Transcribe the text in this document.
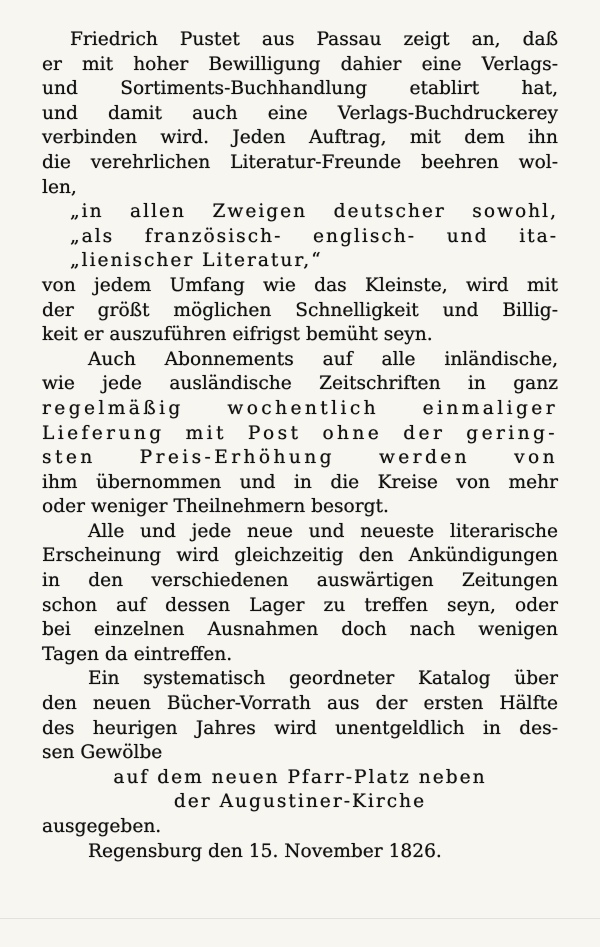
Friedrich Pustet aus Passau zeigt an, daß
er mit hoher Bewilligung dahier eine Verlags-
und Sortiments-Buchhandlung etablirt hat,
und damit auch eine Verlags-Buchdruckerey
verbinden wird. Jeden Auftrag, mit dem ihn
die verehrlichen Literatur-Freunde beehren wol-
len,
„in allen Zweigen deutscher sowohl,
„als französisch- englisch- und ita-
„lienischer Literatur,“
von jedem Umfang wie das Kleinste, wird mit
der größt möglichen Schnelligkeit und Billig-
keit er auszuführen eifrigst bemüht seyn.
Auch Abonnements auf alle inländische,
wie jede ausländische Zeitschriften in ganz
regelmäßig wochentlich einmaliger
Lieferung mit Post ohne der gering-
sten Preis-Erhöhung werden von
ihm übernommen und in die Kreise von mehr
oder weniger Theilnehmern besorgt.
Alle und jede neue und neueste literarische
Erscheinung wird gleichzeitig den Ankündigungen
in den verschiedenen auswärtigen Zeitungen
schon auf dessen Lager zu treffen seyn, oder
bei einzelnen Ausnahmen doch nach wenigen
Tagen da eintreffen.
Ein systematisch geordneter Katalog über
den neuen Bücher-Vorrath aus der ersten Hälfte
des heurigen Jahres wird unentgeldlich in des-
sen Gewölbe
auf dem neuen Pfarr-Platz neben
der Augustiner-Kirche
ausgegeben.
Regensburg den 15. November 1826.
